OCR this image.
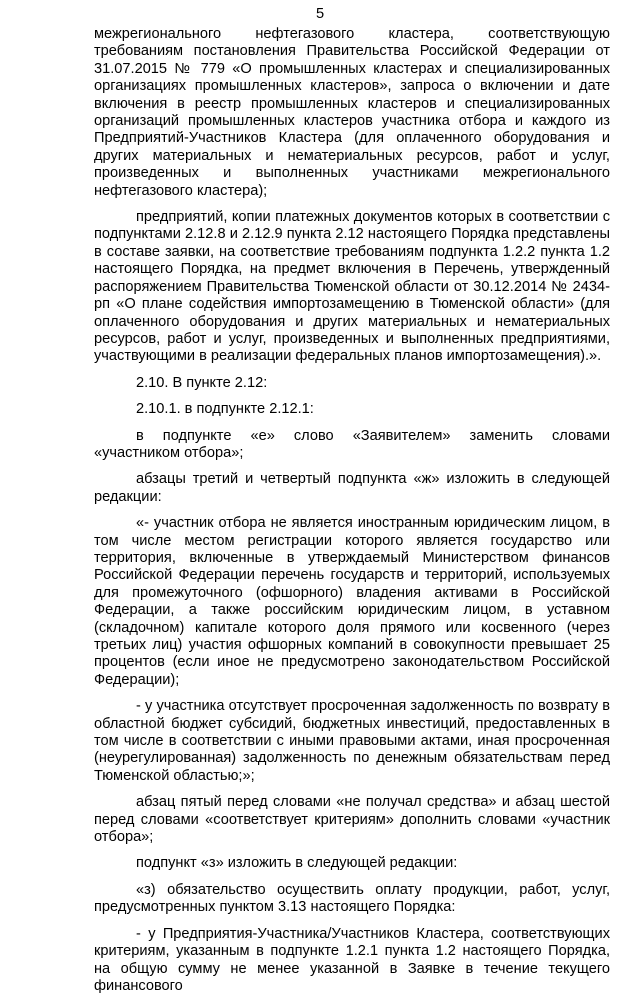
5

межрегионального нефтегазового кластера, соответствующую требованиям постановления Правительства Российской Федерации от 31.07.2015 № 779 «О промышленных кластерах и специализированных организациях промышленных кластеров», запроса о включении и дате включения в реестр промышленных кластеров и специализированных организаций промышленных кластеров участника отбора и каждого из Предприятий-Участников Кластера (для оплаченного оборудования и других материальных и нематериальных ресурсов, работ и услуг, произведенных и выполненных участниками межрегионального нефтегазового кластера);

предприятий, копии платежных документов которых в соответствии с подпунктами 2.12.8 и 2.12.9 пункта 2.12 настоящего Порядка представлены в составе заявки, на соответствие требованиям подпункта 1.2.2 пункта 1.2 настоящего Порядка, на предмет включения в Перечень, утвержденный распоряжением Правительства Тюменской области от 30.12.2014 № 2434-рп «О плане содействия импортозамещению в Тюменской области» (для оплаченного оборудования и других материальных и нематериальных ресурсов, работ и услуг, произведенных и выполненных предприятиями, участвующими в реализации федеральных планов импортозамещения).».

2.10. В пункте 2.12:

2.10.1. в подпункте 2.12.1:

в подпункте «е» слово «Заявителем» заменить словами «участником отбора»;

абзацы третий и четвертый подпункта «ж» изложить в следующей редакции:

«- участник отбора не является иностранным юридическим лицом, в том числе местом регистрации которого является государство или территория, включенные в утверждаемый Министерством финансов Российской Федерации перечень государств и территорий, используемых для промежуточного (офшорного) владения активами в Российской Федерации, а также российским юридическим лицом, в уставном (складочном) капитале которого доля прямого или косвенного (через третьих лиц) участия офшорных компаний в совокупности превышает 25 процентов (если иное не предусмотрено законодательством Российской Федерации);

- у участника отсутствует просроченная задолженность по возврату в областной бюджет субсидий, бюджетных инвестиций, предоставленных в том числе в соответствии с иными правовыми актами, иная просроченная (неурегулированная) задолженность по денежным обязательствам перед Тюменской областью;»;

абзац пятый перед словами «не получал средства» и абзац шестой перед словами «соответствует критериям» дополнить словами «участник отбора»;

подпункт «з» изложить в следующей редакции:

«з) обязательство осуществить оплату продукции, работ, услуг, предусмотренных пунктом 3.13 настоящего Порядка:

- у Предприятия-Участника/Участников Кластера, соответствующих критериям, указанным в подпункте 1.2.1 пункта 1.2 настоящего Порядка, на общую сумму не менее указанной в Заявке в течение текущего финансового
